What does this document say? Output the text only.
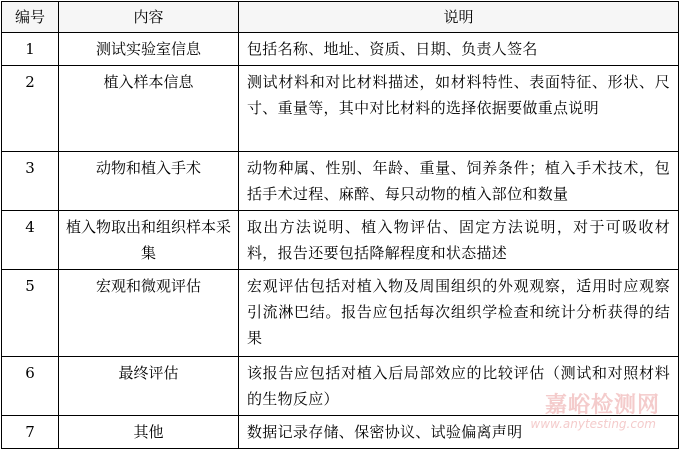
编号	内容	说明
1	测试实验室信息	包括名称、地址、资质、日期、负责人签名
2	植入样本信息	测试材料和对比材料描述，如材料特性、表面特征、形状、尺寸、重量等，其中对比材料的选择依据要做重点说明
3	动物和植入手术	动物种属、性别、年龄、重量、饲养条件；植入手术技术，包括手术过程、麻醉、每只动物的植入部位和数量
4	植入物取出和组织样本采集	取出方法说明、植入物评估、固定方法说明，对于可吸收材料，报告还要包括降解程度和状态描述
5	宏观和微观评估	宏观评估包括对植入物及周围组织的外观观察，适用时应观察引流淋巴结。报告应包括每次组织学检查和统计分析获得的结果
6	最终评估	该报告应包括对植入后局部效应的比较评估（测试和对照材料的生物反应）
7	其他	数据记录存储、保密协议、试验偏离声明
嘉峪检测网
www.anytesting.com
